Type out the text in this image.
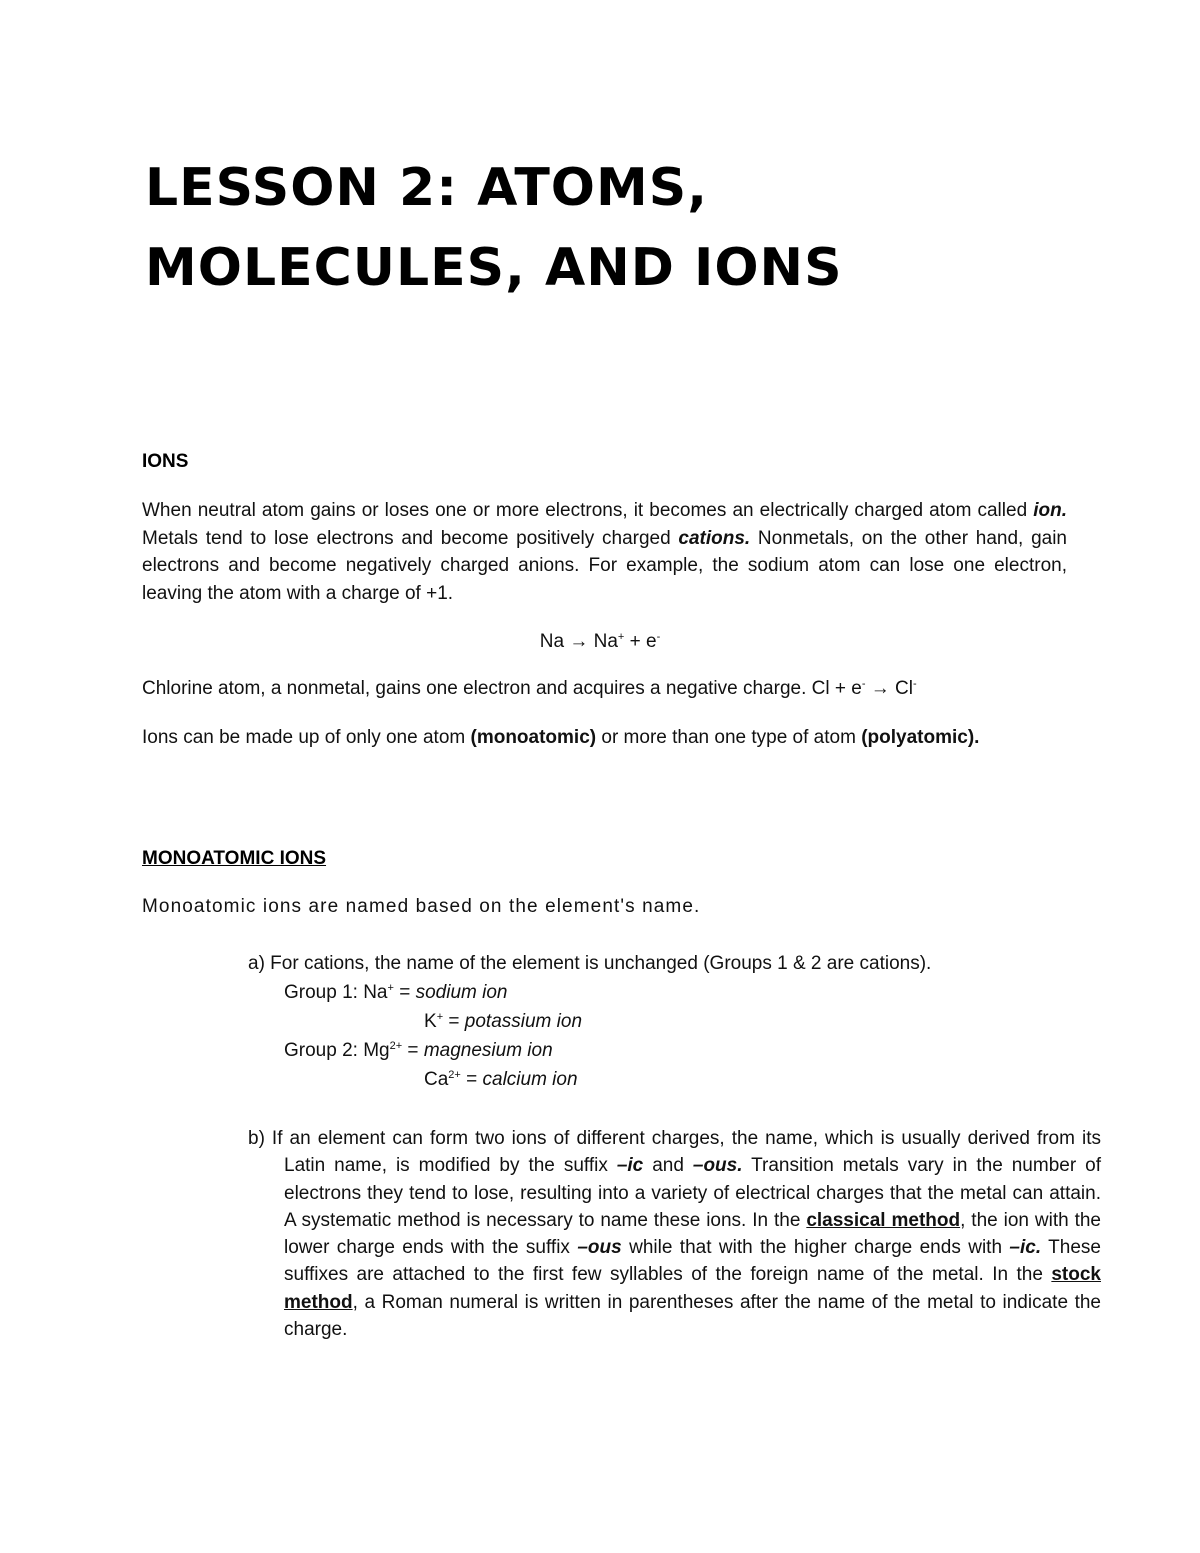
LESSON 2: ATOMS,
MOLECULES, AND IONS
IONS

When neutral atom gains or loses one or more electrons, it becomes an electrically charged atom called ion. Metals tend to lose electrons and become positively charged cations. Nonmetals, on the other hand, gain electrons and become negatively charged anions. For example, the sodium atom can lose one electron, leaving the atom with a charge of +1.

Na → Na+ + e-
Chlorine atom, a nonmetal, gains one electron and acquires a negative charge. Cl + e- → Cl-

Ions can be made up of only one atom (monoatomic) or more than one type of atom (polyatomic).

MONOATOMIC IONS
Monoatomic ions are named based on the element's name.
a) For cations, the name of the element is unchanged (Groups 1 & 2 are cations).
Group 1: Na+ = sodium ion
K+ = potassium ion
Group 2: $Mg^{2+}$ = magnesium ion
$Ca^{2+}$ = calcium ion

b) If an element can form two ions of different charges, the name, which is usually derived from its Latin name, is modified by the suffix –ic and –ous. Transition metals vary in the number of electrons they tend to lose, resulting into a variety of electrical charges that the metal can attain. A systematic method is necessary to name these ions. In the classical method, the ion with the lower charge ends with the suffix –ous while that with the higher charge ends with –ic. These suffixes are attached to the first few syllables of the foreign name of the metal. In the stock method, a Roman numeral is written in parentheses after the name of the metal to indicate the charge.
